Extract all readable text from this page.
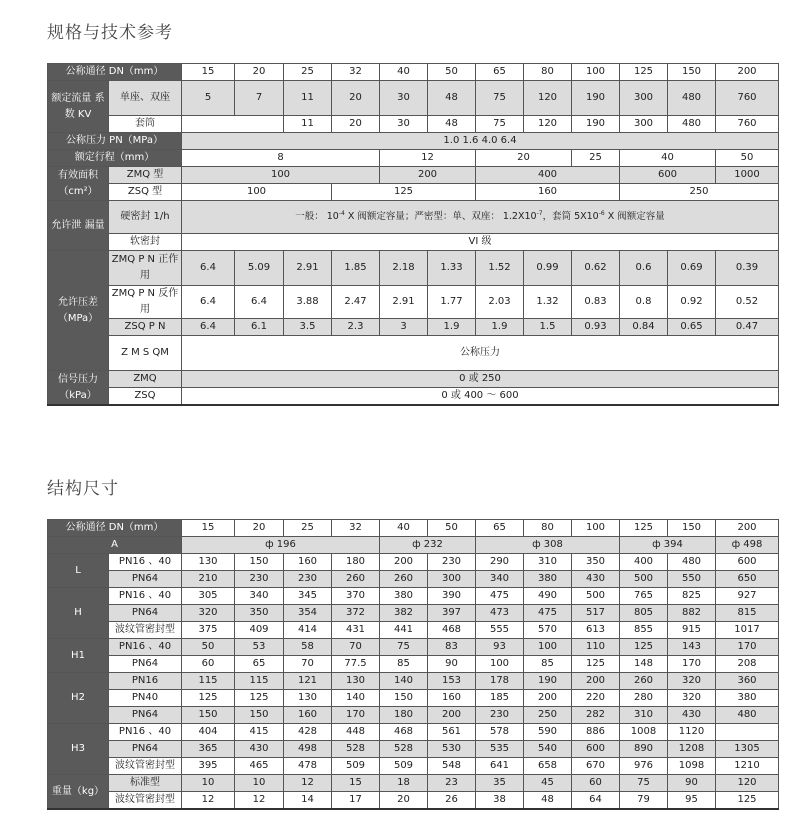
规格与技术参考
公称通径 DN（mm）		15	20	25	32	40	50	65	80	100	125	150	200
额定流量 系数 KV	单座、双座	5	7	11	20	30	48	75	120	190	300	480	760
	套筒			11	20	30	48	75	120	190	300	480	760
公称压力 PN（MPa）		1.0 1.6 4.0 6.4											
额定行程（mm）		8				12		20		25	40		50
有效面积（cm²）	ZMQ 型	100				200		400			600		1000
	ZSQ 型	100			125			160			250		
允许泄 漏量	硬密封 1/h	一般： $10^{-4}$ X 阀额定容量；严密型：单、双座： $1.2X10^{-7}$，套筒 $5X10^{-6}$ X 阀额定容量											
	软密封	VI 级											
允许压差（MPa）	ZMQ P N 正作用	6.4	5.09	2.91	1.85	2.18	1.33	1.52	0.99	0.62	0.6	0.69	0.39
	ZMQ P N 反作用	6.4	6.4	3.88	2.47	2.91	1.77	2.03	1.32	0.83	0.8	0.92	0.52
	ZSQ P N	6.4	6.1	3.5	2.3	3	1.9	1.9	1.5	0.93	0.84	0.65	0.47
	Z M S QM	公称压力											
信号压力（kPa）	ZMQ	0 或 250											
	ZSQ	0 或 400 ～ 600											
结构尺寸
公称通径 DN（mm）		15	20	25	32	40	50	65	80	100	125	150	200
A		ф 196				ф 232		ф 308			ф 394		ф 498
L	PN16 、40	130	150	160	180	200	230	290	310	350	400	480	600
	PN64	210	230	230	260	260	300	340	380	430	500	550	650
H	PN16 、40	305	340	345	370	380	390	475	490	500	765	825	927
	PN64	320	350	354	372	382	397	473	475	517	805	882	815
	波纹管密封型	375	409	414	431	441	468	555	570	613	855	915	1017
H1	PN16 、40	50	53	58	70	75	83	93	100	110	125	143	170
	PN64	60	65	70	77.5	85	90	100	85	125	148	170	208
H2	PN16	115	115	121	130	140	153	178	190	200	260	320	360
	PN40	125	125	130	140	150	160	185	200	220	280	320	380
	PN64	150	150	160	170	180	200	230	250	282	310	430	480
H3	PN16 、40	404	415	428	448	468	561	578	590	886	1008	1120	
	PN64	365	430	498	528	528	530	535	540	600	890	1208	1305
	波纹管密封型	395	465	478	509	509	548	641	658	670	976	1098	1210
重量（kg）	标准型	10	10	12	15	18	23	35	45	60	75	90	120
	波纹管密封型	12	12	14	17	20	26	38	48	64	79	95	125
